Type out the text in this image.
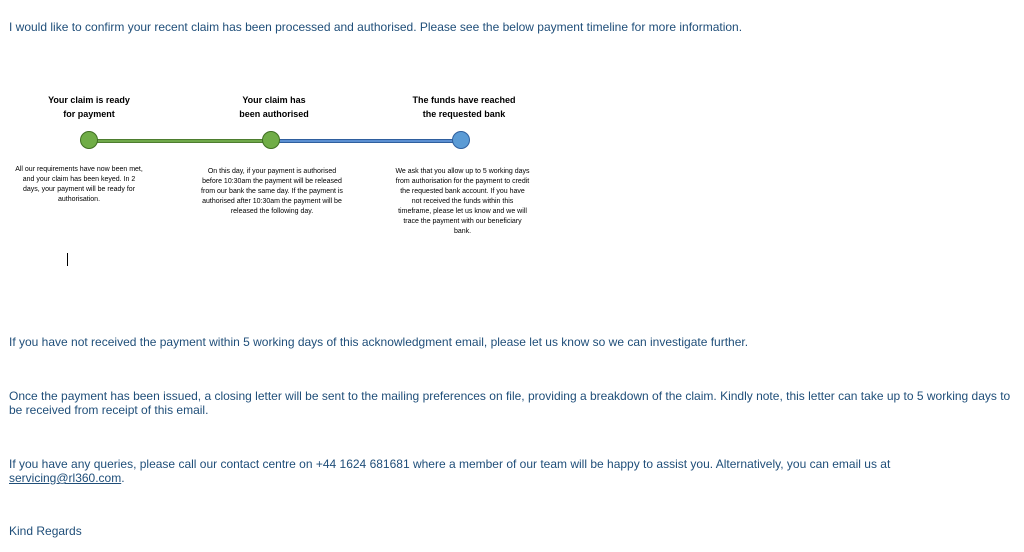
I would like to confirm your recent claim has been processed and authorised. Please see the below payment timeline for more information.
Your claim is ready
for payment
Your claim has
been authorised
The funds have reached
the requested bank
All our requirements have now been met, and your claim has been keyed. In 2 days, your payment will be ready for authorisation.
On this day, if your payment is authorised before 10:30am the payment will be released from our bank the same day. If the payment is authorised after 10:30am the payment will be released the following day.
We ask that you allow up to 5 working days from authorisation for the payment to credit the requested bank account. If you have not received the funds within this timeframe, please let us know and we will trace the payment with our beneficiary bank.
If you have not received the payment within 5 working days of this acknowledgment email, please let us know so we can investigate further.
Once the payment has been issued, a closing letter will be sent to the mailing preferences on file, providing a breakdown of the claim. Kindly note, this letter can take up to 5 working days to be received from receipt of this email.
If you have any queries, please call our contact centre on +44 1624 681681 where a member of our team will be happy to assist you. Alternatively, you can email us at
servicing@rl360.com.
Kind Regards
